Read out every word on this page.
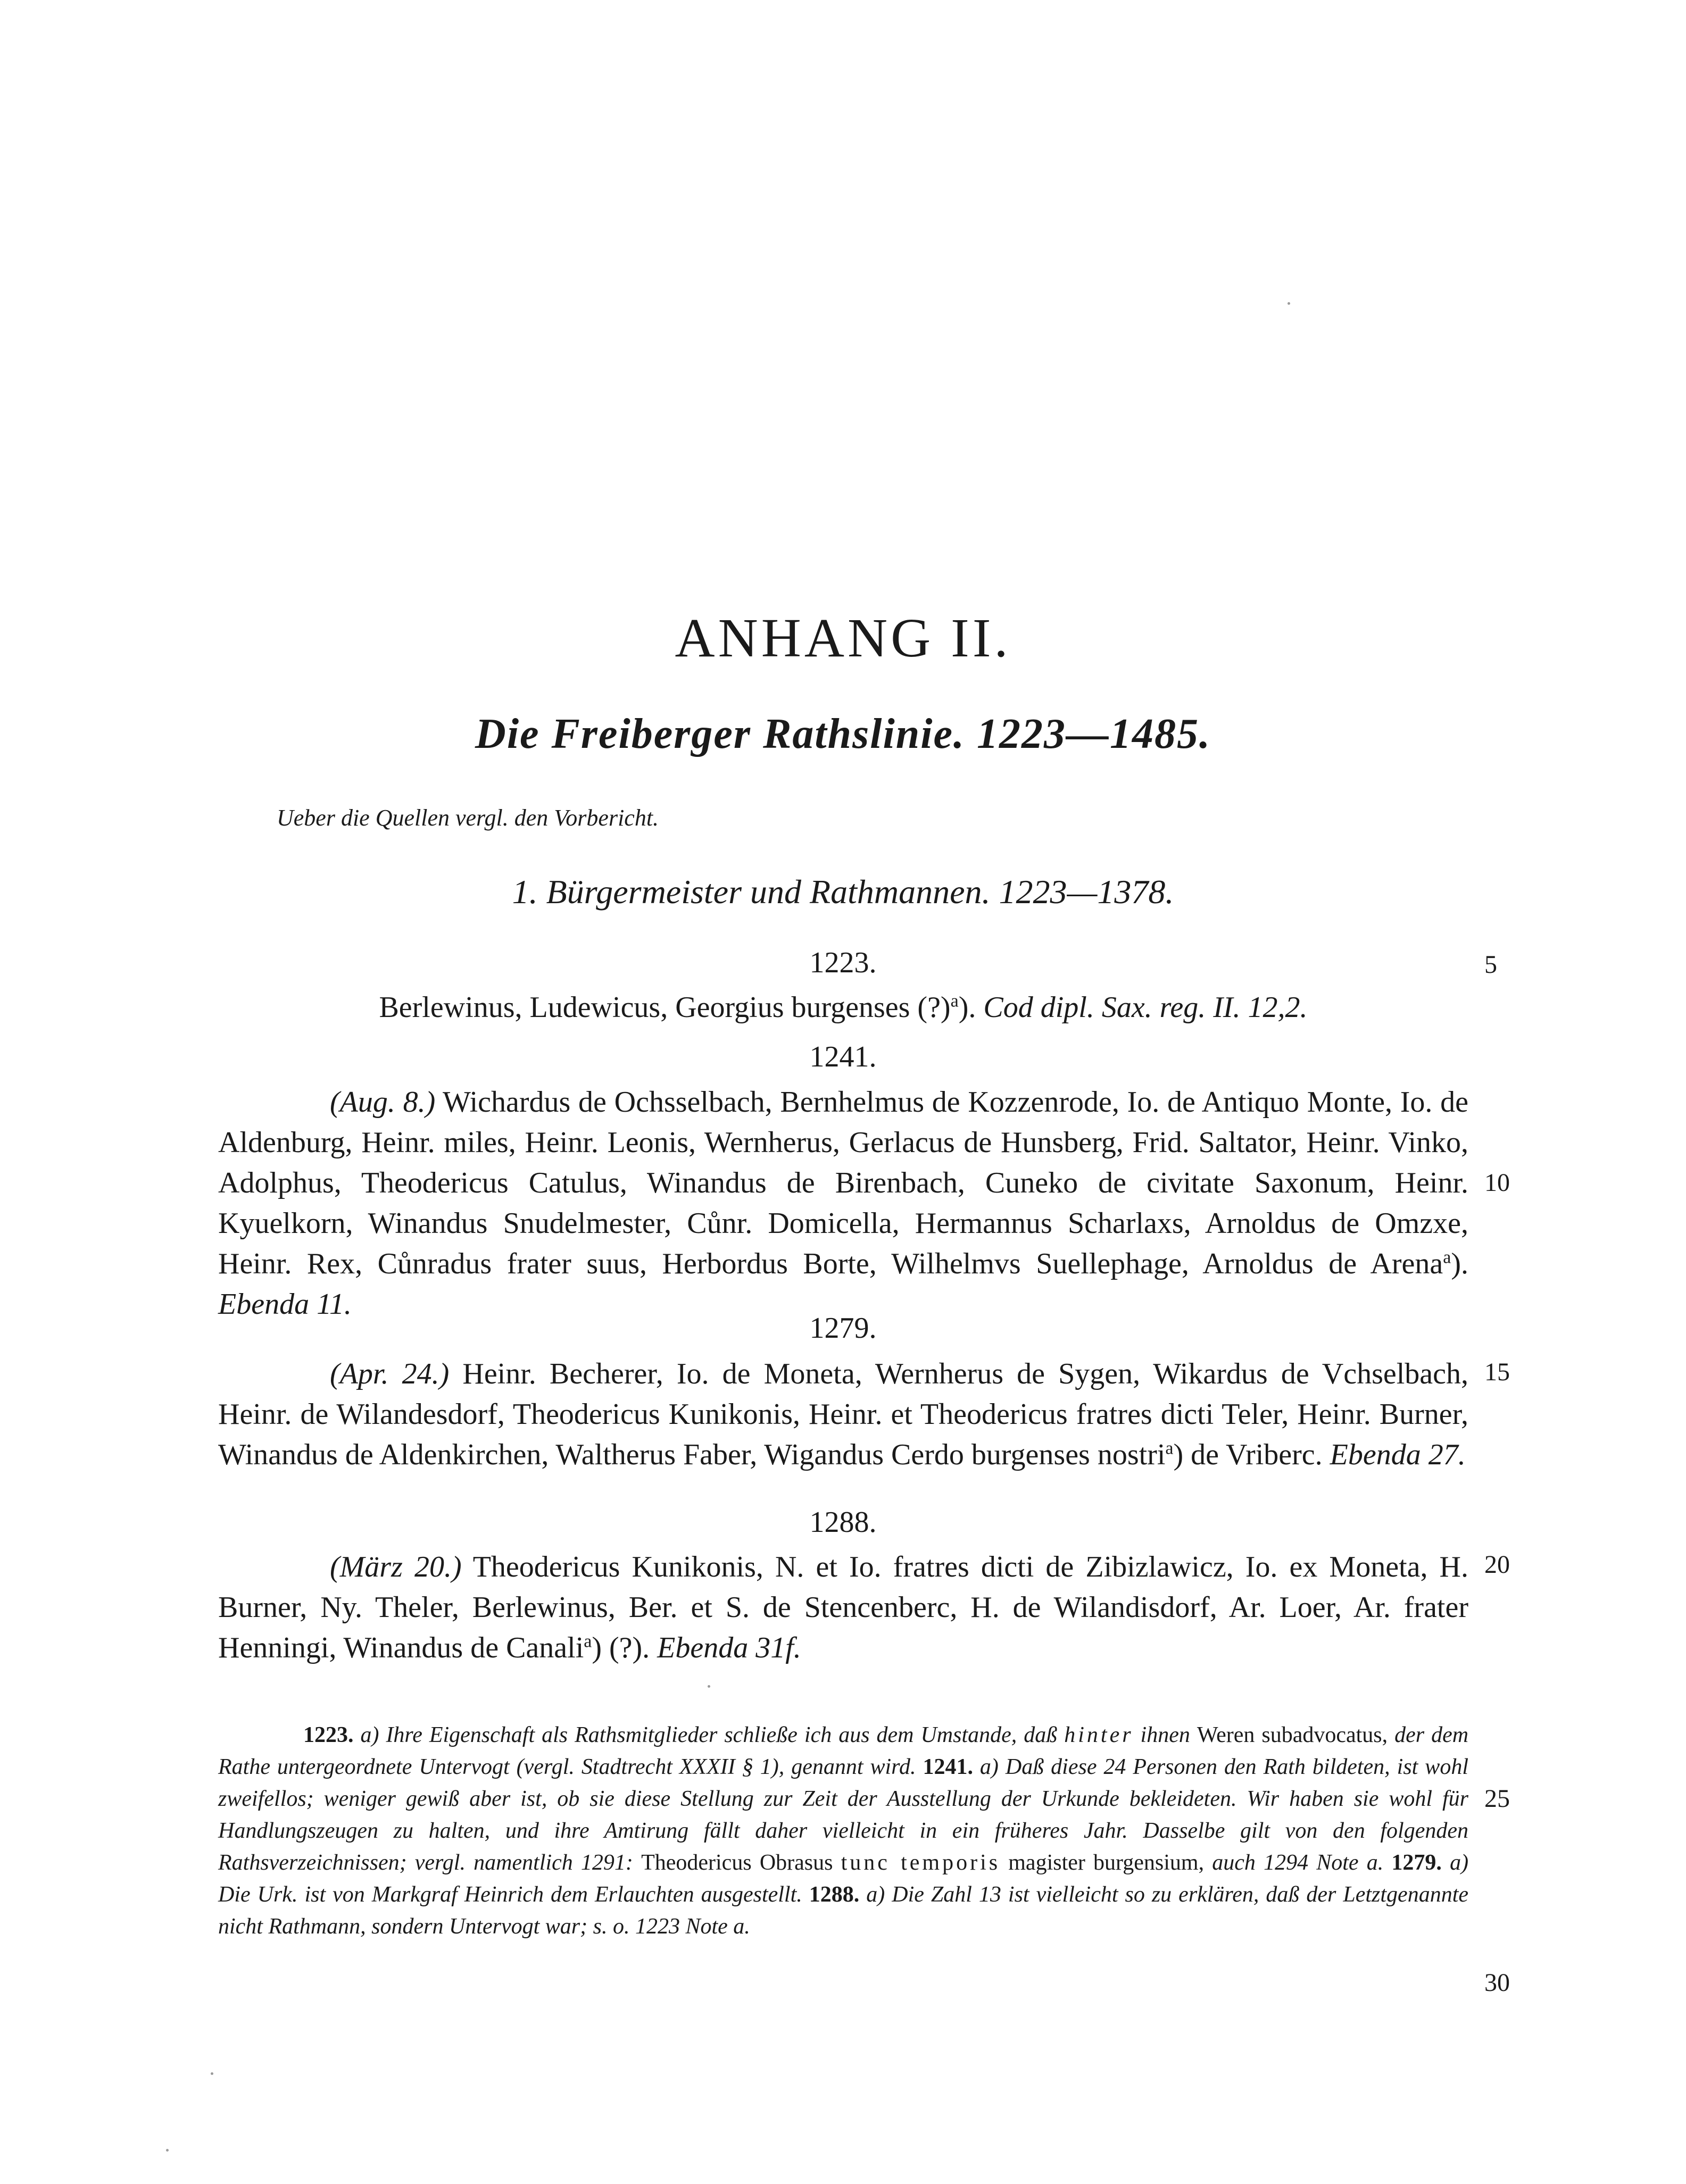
ANHANG II.
Die Freiberger Rathslinie. 1223—1485.
Ueber die Quellen vergl. den Vorbericht.
1. Bürgermeister und Rathmannen. 1223—1378.
1223.

Berlewinus, Ludewicus, Georgius burgenses (?)$^a$). Cod dipl. Sax. reg. II. 12,2.

1241.

(Aug. 8.) Wichardus de Ochsselbach, Bernhelmus de Kozzenrode, Io. de Antiquo Monte, Io. de Aldenburg, Heinr. miles, Heinr. Leonis, Wernherus, Gerlacus de Hunsberg, Frid. Saltator, Heinr. Vinko, Adolphus, Theodericus Catulus, Winandus de Birenbach, Cuneko de civitate Saxonum, Heinr. Kyuelkorn, Winandus Snudelmester, Cůnr. Domicella, Hermannus Scharlaxs, Arnoldus de Omzxe, Heinr. Rex, Cůnradus frater suus, Herbordus Borte, Wilhelmvs Suellephage, Arnoldus de Arena$^a$). Ebenda 11.

1279.

(Apr. 24.) Heinr. Becherer, Io. de Moneta, Wernherus de Sygen, Wikardus de Vchselbach, Heinr. de Wilandesdorf, Theodericus Kunikonis, Heinr. et Theodericus fratres dicti Teler, Heinr. Burner, Winandus de Aldenkirchen, Waltherus Faber, Wigandus Cerdo burgenses nostri$^a$) de Vriberc. Ebenda 27.

1288.

(März 20.) Theodericus Kunikonis, N. et Io. fratres dicti de Zibizlawicz, Io. ex Moneta, H. Burner, Ny. Theler, Berlewinus, Ber. et S. de Stencenberc, H. de Wilandisdorf, Ar. Loer, Ar. frater Henningi, Winandus de Canali$^a$) (?). Ebenda 31f.

5
10
15
20
25
30

1223. a) Ihre Eigenschaft als Rathsmitglieder schließe ich aus dem Umstande, daß hinter ihnen Weren subadvocatus, der dem Rathe untergeordnete Untervogt (vergl. Stadtrecht XXXII § 1), genannt wird. 1241. a) Daß diese 24 Personen den Rath bildeten, ist wohl zweifellos; weniger gewiß aber ist, ob sie diese Stellung zur Zeit der Ausstellung der Urkunde bekleideten. Wir haben sie wohl für Handlungszeugen zu halten, und ihre Amtirung fällt daher vielleicht in ein früheres Jahr. Dasselbe gilt von den folgenden Rathsverzeichnissen; vergl. namentlich 1291: Theodericus Obrasus tunc temporis magister burgensium, auch 1294 Note a. 1279. a) Die Urk. ist von Markgraf Heinrich dem Erlauchten ausgestellt. 1288. a) Die Zahl 13 ist vielleicht so zu erklären, daß der Letztgenannte nicht Rathmann, sondern Untervogt war; s. o. 1223 Note a.
